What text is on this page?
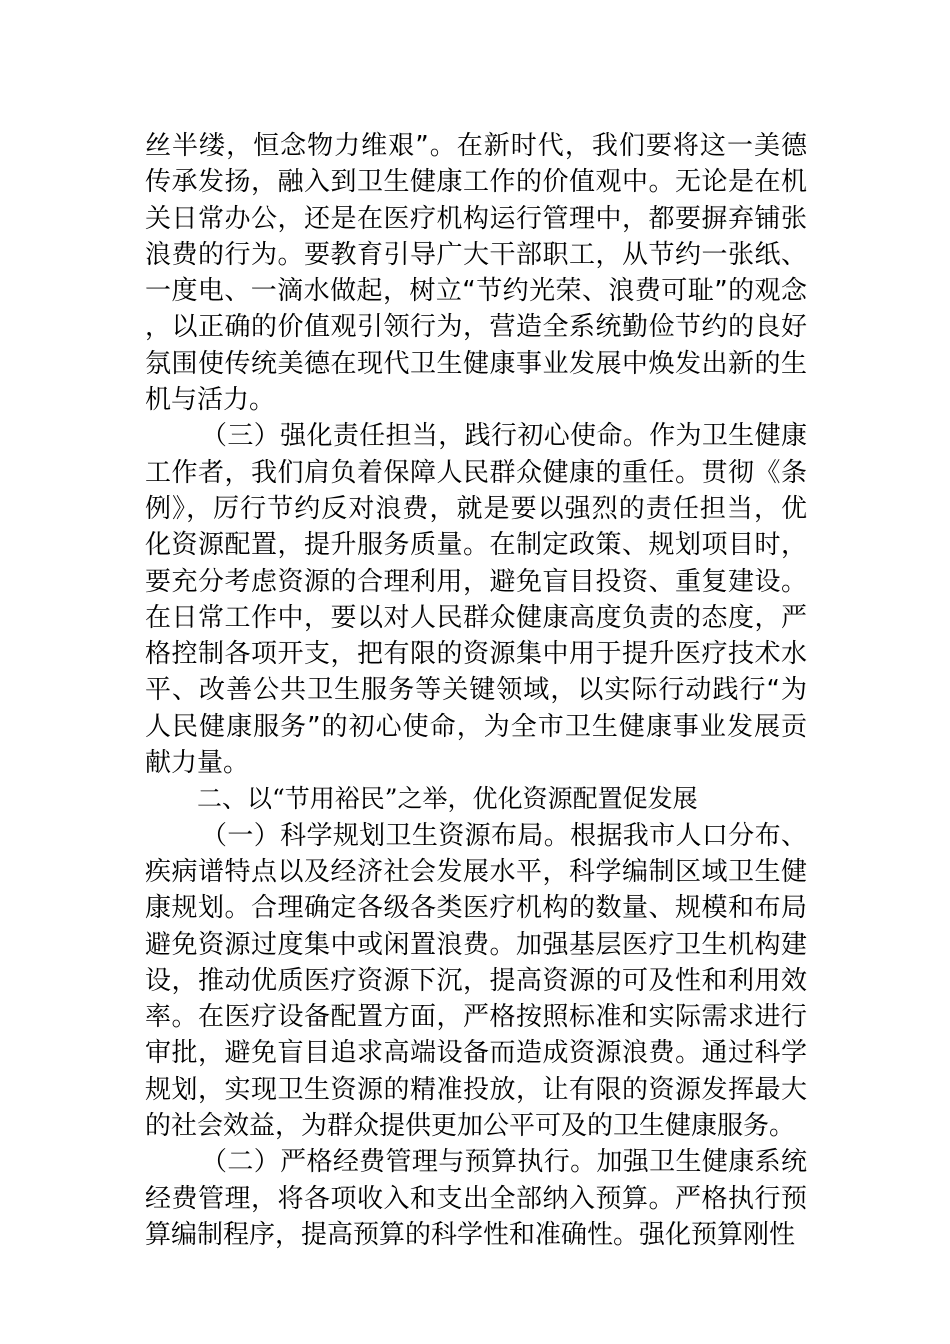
丝半缕，恒念物力维艰”。在新时代，我们要将这一美德传承发扬，融入到卫生健康工作的价值观中。无论是在机关日常办公，还是在医疗机构运行管理中，都要摒弃铺张浪费的行为。要教育引导广大干部职工，从节约一张纸、一度电、一滴水做起，树立“节约光荣、浪费可耻”的观念，以正确的价值观引领行为，营造全系统勤俭节约的良好氛围使传统美德在现代卫生健康事业发展中焕发出新的生机与活力。

（三）强化责任担当，践行初心使命。作为卫生健康工作者，我们肩负着保障人民群众健康的重任。贯彻《条例》，厉行节约反对浪费，就是要以强烈的责任担当，优化资源配置，提升服务质量。在制定政策、规划项目时，要充分考虑资源的合理利用，避免盲目投资、重复建设。在日常工作中，要以对人民群众健康高度负责的态度，严格控制各项开支，把有限的资源集中用于提升医疗技术水平、改善公共卫生服务等关键领域，以实际行动践行“为人民健康服务”的初心使命，为全市卫生健康事业发展贡献力量。

二、以“节用裕民”之举，优化资源配置促发展

（一）科学规划卫生资源布局。根据我市人口分布、疾病谱特点以及经济社会发展水平，科学编制区域卫生健康规划。合理确定各级各类医疗机构的数量、规模和布局避免资源过度集中或闲置浪费。加强基层医疗卫生机构建设，推动优质医疗资源下沉，提高资源的可及性和利用效率。在医疗设备配置方面，严格按照标准和实际需求进行审批，避免盲目追求高端设备而造成资源浪费。通过科学规划，实现卫生资源的精准投放，让有限的资源发挥最大的社会效益，为群众提供更加公平可及的卫生健康服务。

（二）严格经费管理与预算执行。加强卫生健康系统经费管理，将各项收入和支出全部纳入预算。严格执行预算编制程序，提高预算的科学性和准确性。强化预算刚性
